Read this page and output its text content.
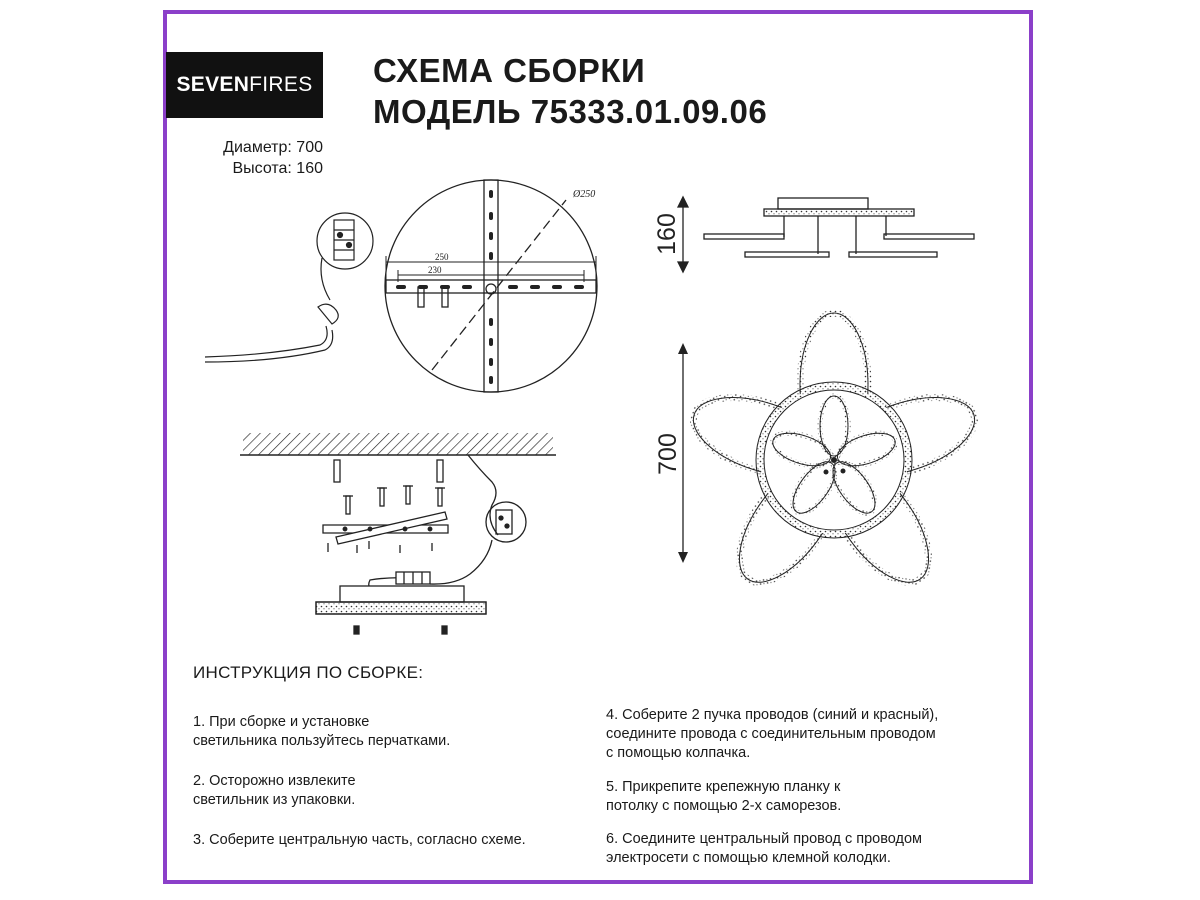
SEVEN FIRES СХЕМА СБОРКИ
МОДЕЛЬ 75333.01.09.06
Диаметр: 700
Высота: 160
Ø250
250
230
160
700
ИНСТРУКЦИЯ ПО СБОРКЕ:
1. При сборке и установке
светильника пользуйтесь перчатками.
2. Осторожно извлеките
светильник из упаковки.
3. Соберите центральную часть, согласно схеме.
4. Соберите 2 пучка проводов (синий и красный),
соедините провода с соединительным проводом
с помощью колпачка.
5. Прикрепите крепежную планку к
потолку с помощью 2-х саморезов.
6. Соедините центральный провод с проводом
электросети с помощью клемной колодки.
